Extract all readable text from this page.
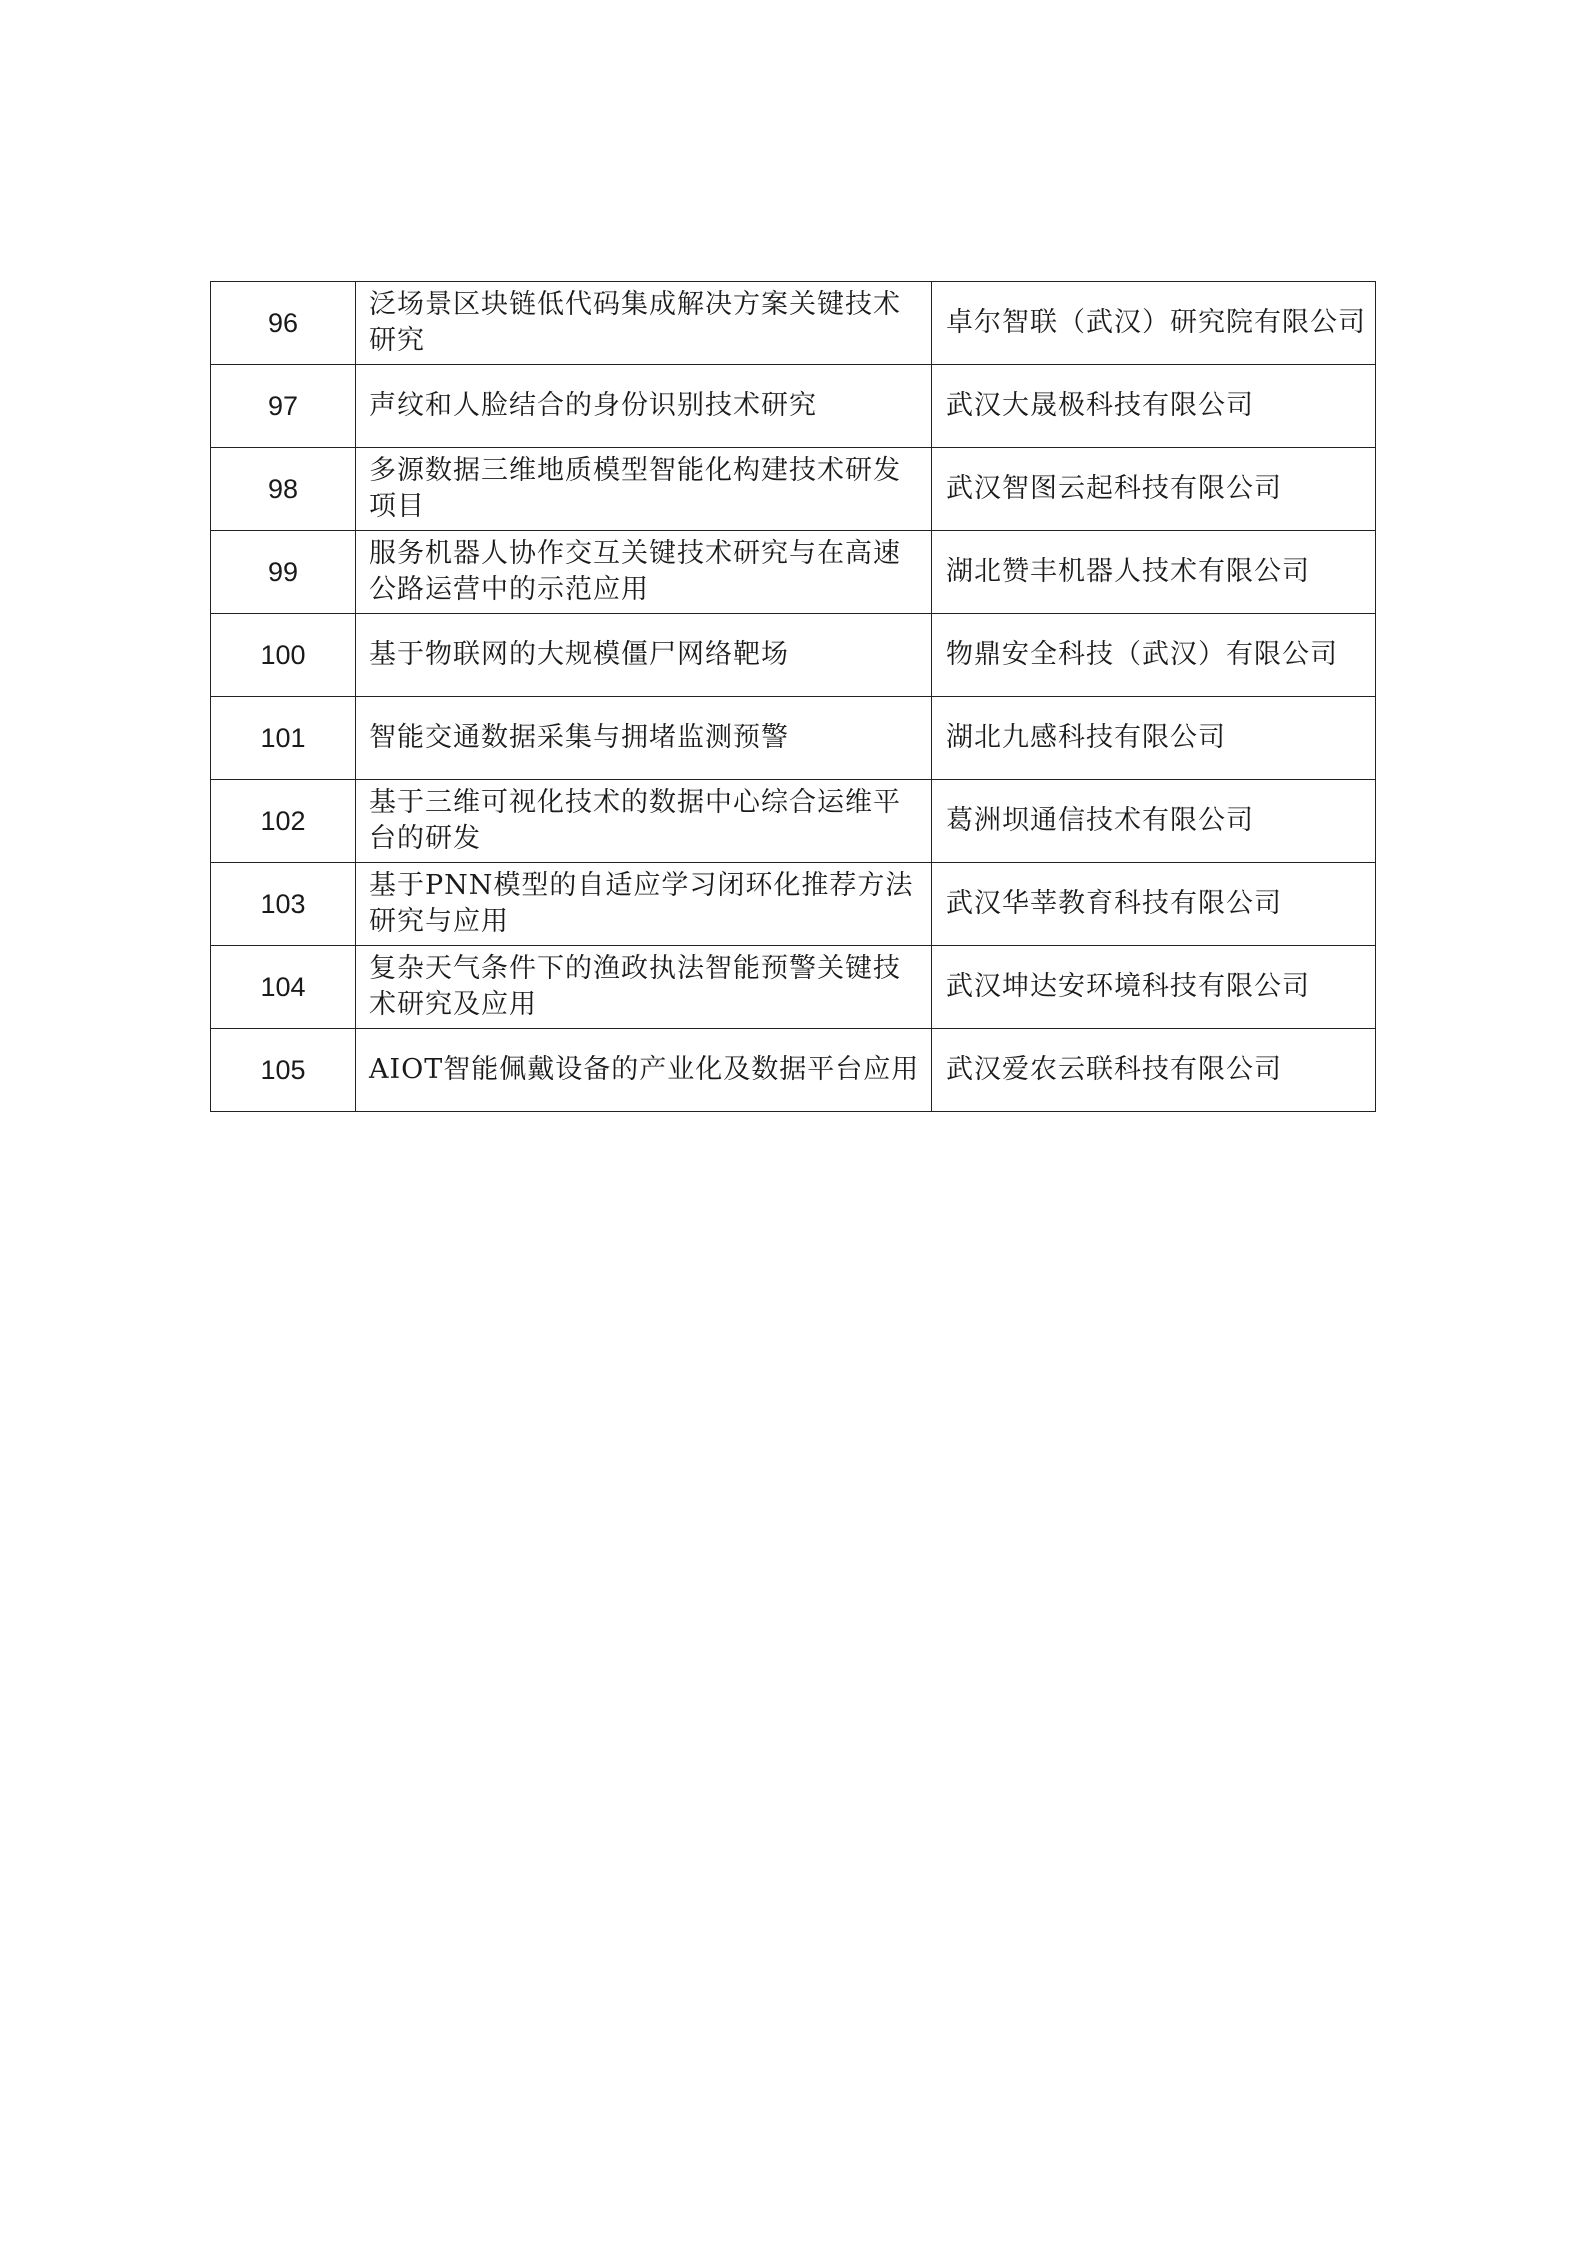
96	泛场景区块链低代码集成解决方案关键技术研究	卓尔智联（武汉）研究院有限公司
97	声纹和人脸结合的身份识别技术研究	武汉大晟极科技有限公司
98	多源数据三维地质模型智能化构建技术研发项目	武汉智图云起科技有限公司
99	服务机器人协作交互关键技术研究与在高速公路运营中的示范应用	湖北赞丰机器人技术有限公司
100	基于物联网的大规模僵尸网络靶场	物鼎安全科技（武汉）有限公司
101	智能交通数据采集与拥堵监测预警	湖北九感科技有限公司
102	基于三维可视化技术的数据中心综合运维平台的研发	葛洲坝通信技术有限公司
103	基于PNN模型的自适应学习闭环化推荐方法研究与应用	武汉华莘教育科技有限公司
104	复杂天气条件下的渔政执法智能预警关键技术研究及应用	武汉坤达安环境科技有限公司
105	AIOT智能佩戴设备的产业化及数据平台应用	武汉爱农云联科技有限公司
